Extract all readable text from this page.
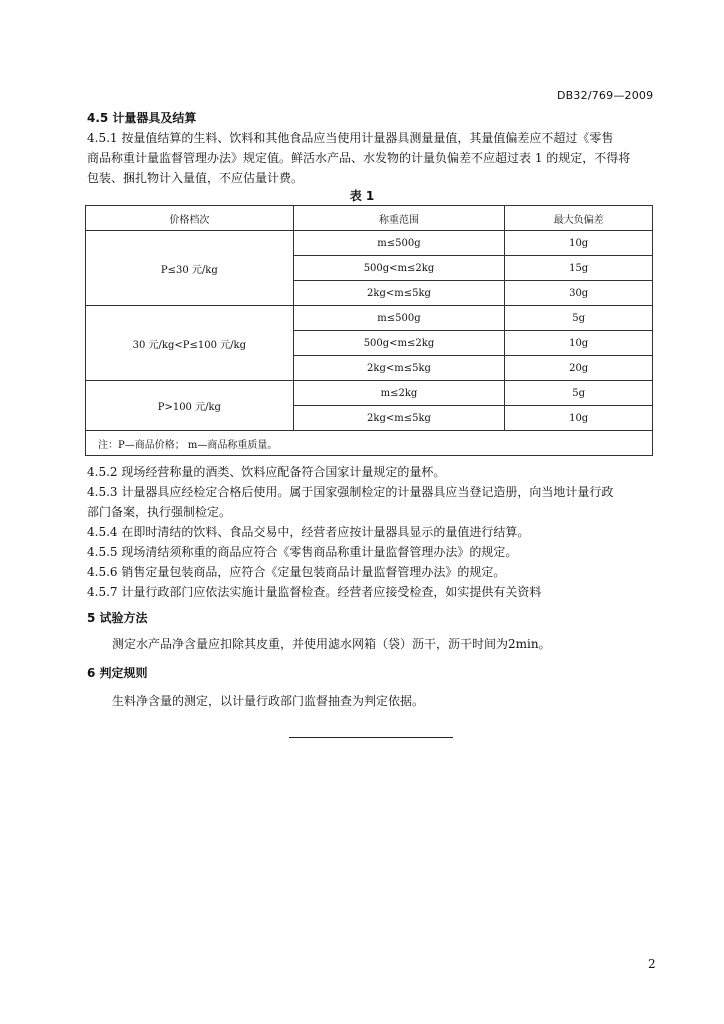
DB32/769—2009
4.5 计量器具及结算
4.5.1 按量值结算的生料、饮料和其他食品应当使用计量器具测量量值，其量值偏差应不超过《零售
商品称重计量监督管理办法》规定值。鲜活水产品、水发物的计量负偏差不应超过表 1 的规定，不得将
包装、捆扎物计入量值，不应估量计费。
表 1
价格档次	称重范围	最大负偏差
P≤30 元/kg	m≤500g	10g
	500g<m≤2kg	15g
	2kg<m≤5kg	30g
30 元/kg<P≤100 元/kg	m≤500g	5g
	500g<m≤2kg	10g
	2kg<m≤5kg	20g
P>100 元/kg	m≤2kg	5g
	2kg<m≤5kg	10g
注：P—商品价格； m—商品称重质量。		
4.5.2 现场经营称量的酒类、饮料应配备符合国家计量规定的量杯。
4.5.3 计量器具应经检定合格后使用。属于国家强制检定的计量器具应当登记造册，向当地计量行政
部门备案，执行强制检定。
4.5.4 在即时清结的饮料、食品交易中，经营者应按计量器具显示的量值进行结算。
4.5.5 现场清结须称重的商品应符合《零售商品称重计量监督管理办法》的规定。
4.5.6 销售定量包装商品，应符合《定量包装商品计量监督管理办法》的规定。
4.5.7 计量行政部门应依法实施计量监督检查。经营者应接受检查，如实提供有关资料
5 试验方法
测定水产品净含量应扣除其皮重，并使用滤水网箱（袋）沥干，沥干时间为2min。
6 判定规则
生料净含量的测定，以计量行政部门监督抽查为判定依据。
2
